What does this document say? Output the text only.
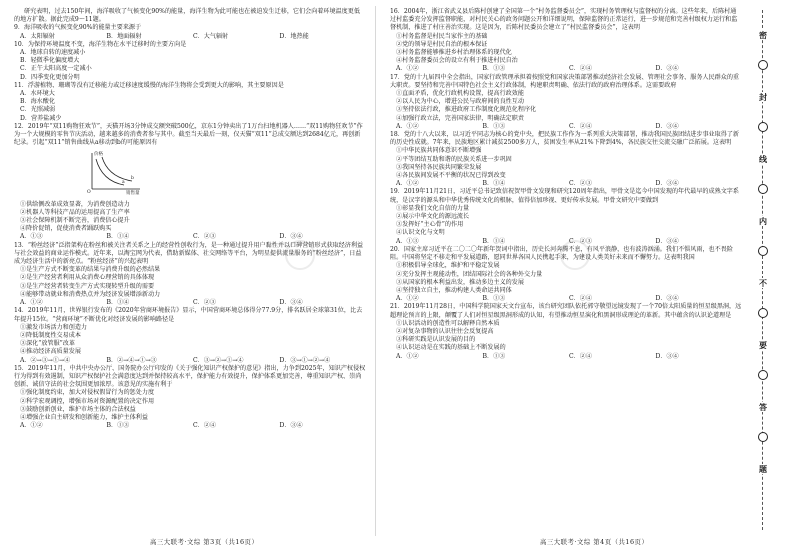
研究表明，过去150年间，海洋吸收了气候变化90%的能量，海洋生物为此可能也在被迫发生迁移，它们会向着环境温度更低的地方扩散。据此完成9～11题。

9．海洋吸收的气候变化90%的能量主要来源于

A．太阳辐射	B．地面辐射	C．大气辐射	D．地热能

10．为保持环境温度不变，海洋生物在水平迁移时的主要方向是

A．地球自转的速度减小

B．轻微季化偏度增大

C．正午太阳高度一定减小

D．四季变化更加分明

11．浮游植物、珊瑚等没有迁移能力或迁移速度缓慢的海洋生物将会受到更大的影响，其主要原因是

A．水环境大

B．海水酸化

C．光照减弱

D．营养盐减少

12．2019年“双11购物狂欢节”，天猫开场3分钟成交额突破500亿，京东1分钟卖出了1万台扫地机器人……“双11购物狂欢节”作为一个大规模的零售节庆活动，越来越多的消费者参与其中。截至当天最后一刻，仅天猫“双11”总成交额达到2684亿元，再创新纪录。引起“双11”销售曲线从a移动到b的可能原因有

价格
销售量
a
b
O

①供给侧改革成效显著，为消费创造动力

②机器人等科技产品的运用提高了生产率

③社会保障机制不断完善，消费信心提升

④降价促销，促使消费者踊跃购买

A．①③	B．①④	C．②③	D．③④

13．“粉丝经济”泛指架构在粉丝和被关注者关系之上的经营性创收行为，是一种通过提升用户黏性并以口碑营销形式获取经济利益与社会效益的商业运作模式。近年来，以淘宝网为代表，借助新媒体、社交网络等平台，为明星提供流量服务的“粉丝经济”，日益成为经济生活中的新亮点。“粉丝经济”的兴起表明

①是生产方式不断变革的结果与消费升级的必然结果

②是生产经营者利用从众消费心理营销的具体体现

③是生产经营者转变生产方式实现转型升级的需要

④能够带动就业和消费热点并为经济发展增添新动力

A．①②	B．①④	C．②③	D．③④

14．2019年11月，世界银行发布的《2020年营商环境报告》显示，中国营商环境总体得分77.9分，排名跃居全球第31位，比去年提升15位。“营商环境”不断优化对经济发展的影响路径是

①激发市场活力和创造力

②降低制度性交易成本

③深化“放管服”改革

④推动经济高质量发展

A．②→③→①→④	B．②→④→①→③	C．③→②→①→④	D．③→①→②→④

15．2019年11月，中共中央办公厅、国务院办公厅印发的《关于强化知识产权保护的意见》指出，力争到2025年，知识产权侵权行为得到有效遏制，知识产权保护社会满意度达到并保持较高水平，保护能力有效提升，保护体系更加完善，尊重知识产权、崇尚创新、诚信守法的社会氛围更加浓厚。该意见的实施有利于

①强化制度约束，加大对侵权假冒行为的惩处力度

②科学宏观调控，增强市场对资源配置的决定作用

③鼓励创新创业，维护市场主体的合法权益

④增强企业自主研发和创新能力，维护主体利益

A．①②	B．①③	C．②④	D．③④

16．2004年，浙江省武义县后陈村创建了全国第一个“村务监督委员会”，实现村务管理权与监督权的分离。这些年来，后陈村通过村监委充分发挥监督职能，对村民关心的政务问题公开和详细说明，保障监督的正常运行，进一步规范和完善村级权力运行和监督机制，推进了村庄善治实现。这是因为，后陈村民委员会建立了“村民监督委员会”，这表明

①村务监督是村民当家作主的基础

②党的领导是村民自治的根本保证

③村务监督能够推进乡村治理体系的现代化

④村务监督委员会的设立有利于推进村民自治

A．①②	B．①③	C．②④	D．③④

17．党的十九届四中全会指出，国家行政管理承担着按照党和国家决策部署推动经济社会发展、管理社会事务、服务人民群众的重大职责。要坚持和完善中国特色社会主义行政体制，构建职责明确、依法行政的政府治理体系。这需要政府

①直面矛盾，优化行政机构设置，提高行政效能

②以人民为中心，增进公民与政府间的良性互动

③坚持依法行政，推进政府工作制度化规范化程序化

④加强行政立法，完善国家法律，明确法定职责

A．①②	B．①③	C．②④	D．③④

18．党的十八大以来，以习近平同志为核心的党中央，把民族工作作为一系列重大决策部署，推动我国民族团结进步事业取得了新的历史性成就。7年来，民族地区累计减贫2500多万人，贫困发生率从21%下降到4%，各民族交往交流交融广泛拓展。这表明

①中华民族共同体意识不断增强

②平等团结互助和谐的民族关系进一步巩固

③我国坚持各民族共同繁荣发展

④各民族间发展不平衡的状况已得到改变

A．①②	B．①④	C．②③	D．③④

19．2019年11月21日，习近平总书记致信祝贺甲骨文发现和研究120周年指出，甲骨文是迄今中国发现的年代最早的成熟文字系统，是汉字的源头和中华优秀传统文化的根脉，值得倍加珍视、更好传承发展。甲骨文研究中要做到

①彰显我们文化自信的力量

②展示中华文化的源远流长

③发挥好“主心骨”的作用

④认识文化与文明

A．①③	B．①④	C．②③	D．③④

20．国家主席习近平在二〇二〇年新年贺词中指出，历史长河奔腾不息，有风平浪静，也有波涛汹涌。我们不惧风雨，也不畏险阻。中国将坚定不移走和平发展道路，愿同世界各国人民携起手来，为建设人类美好未来而不懈努力。这表明我国

①积极倡导全球化，维护和平稳定发展

②充分发挥主观能动性，团结国际社会的各种外交力量

③从国家的根本利益出发，推动多边主义的发展

④坚持独立自主，推动构建人类命运共同体

A．①②	B．①③	C．②④	D．③④

21．2019年11月28日，中国科学院国家天文台宣布，该台研究团队依托郭守敬望远镜发现了一个70倍太阳质量的恒星级黑洞，远超理论预言的上限，颠覆了人们对恒星级黑洞形成的认知，有望推动恒星演化和黑洞形成理论的革新。其中蕴含的认识论道理是

①认识活动的创造性可以解释自然本质

②对复杂事物的认识往往会反复提高

③科研实践是认识发展的目的

④认识运动是在实践的基础上不断发展的

A．①②	B．①③	C．②④	D．③④
密
封
线
内
不
要
答
题
高三大联考·文综 第3页（共16页）	高三大联考·文综 第4页（共16页）
